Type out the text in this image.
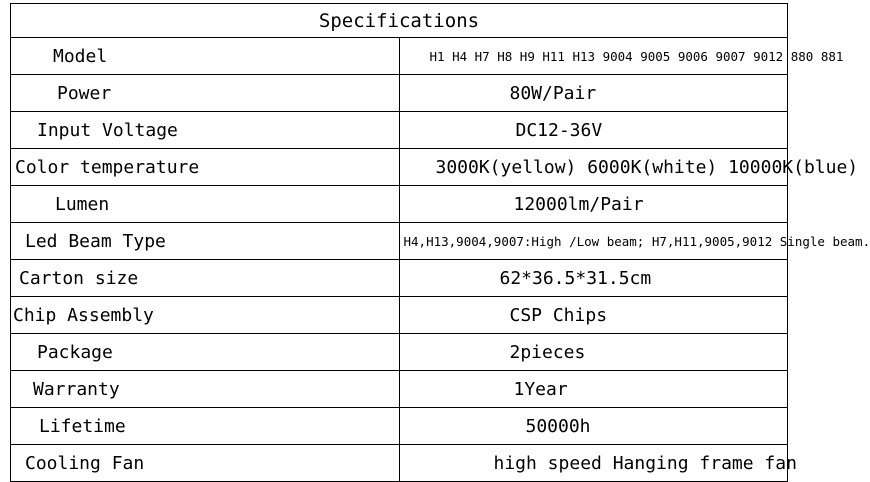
Specifications	
Model	H1 H4 H7 H8 H9 H11 H13 9004 9005 9006 9007 9012 880 881
Power	80W/Pair
Input Voltage	DC12-36V
Color temperature	3000K(yellow) 6000K(white) 10000K(blue)
Lumen	12000lm/Pair
Led Beam Type	H4,H13,9004,9007:High /Low beam; H7,H11,9005,9012 Single beam.
Carton size	62*36.5*31.5cm
Chip Assembly	CSP Chips
Package	2pieces
Warranty	1Year
Lifetime	50000h
Cooling Fan	high speed Hanging frame fan
